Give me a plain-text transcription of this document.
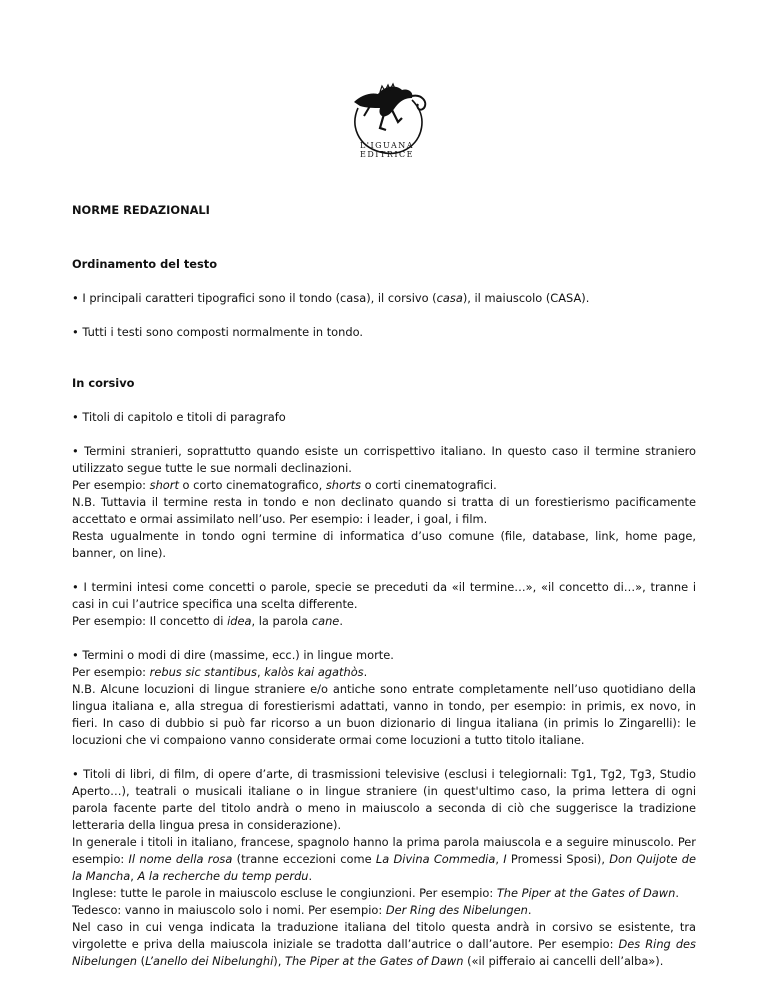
L'IGUANA EDITRICE

NORME REDAZIONALI

Ordinamento del testo

• I principali caratteri tipografici sono il tondo (casa), il corsivo (casa), il maiuscolo (CASA).

• Tutti i testi sono composti normalmente in tondo.

In corsivo

• Titoli di capitolo e titoli di paragrafo

• Termini stranieri, soprattutto quando esiste un corrispettivo italiano. In questo caso il termine straniero utilizzato segue tutte le sue normali declinazioni.

Per esempio: short o corto cinematografico, shorts o corti cinematografici.

N.B. Tuttavia il termine resta in tondo e non declinato quando si tratta di un forestierismo pacificamente accettato e ormai assimilato nell’uso. Per esempio: i leader, i goal, i film.

Resta ugualmente in tondo ogni termine di informatica d’uso comune (file, database, link, home page, banner, on line).

• I termini intesi come concetti o parole, specie se preceduti da «il termine…», «il concetto di…», tranne i casi in cui l’autrice specifica una scelta differente.

Per esempio: Il concetto di idea, la parola cane.

• Termini o modi di dire (massime, ecc.) in lingue morte.

Per esempio: rebus sic stantibus, kalòs kai agathòs.

N.B. Alcune locuzioni di lingue straniere e/o antiche sono entrate completamente nell’uso quotidiano della lingua italiana e, alla stregua di forestierismi adattati, vanno in tondo, per esempio: in primis, ex novo, in fieri. In caso di dubbio si può far ricorso a un buon dizionario di lingua italiana (in primis lo Zingarelli): le locuzioni che vi compaiono vanno considerate ormai come locuzioni a tutto titolo italiane.

• Titoli di libri, di film, di opere d’arte, di trasmissioni televisive (esclusi i telegiornali: Tg1, Tg2, Tg3, Studio Aperto…), teatrali o musicali italiane o in lingue straniere (in quest'ultimo caso, la prima lettera di ogni parola facente parte del titolo andrà o meno in maiuscolo a seconda di ciò che suggerisce la tradizione letteraria della lingua presa in considerazione).

In generale i titoli in italiano, francese, spagnolo hanno la prima parola maiuscola e a seguire minuscolo. Per esempio: Il nome della rosa (tranne eccezioni come La Divina Commedia, I Promessi Sposi), Don Quijote de la Mancha, A la recherche du temp perdu.

Inglese: tutte le parole in maiuscolo escluse le congiunzioni. Per esempio: The Piper at the Gates of Dawn.

Tedesco: vanno in maiuscolo solo i nomi. Per esempio: Der Ring des Nibelungen.

Nel caso in cui venga indicata la traduzione italiana del titolo questa andrà in corsivo se esistente, tra virgolette e priva della maiuscola iniziale se tradotta dall’autrice o dall’autore. Per esempio: Des Ring des Nibelungen (L’anello dei Nibelunghi), The Piper at the Gates of Dawn («il pifferaio ai cancelli dell’alba»).
